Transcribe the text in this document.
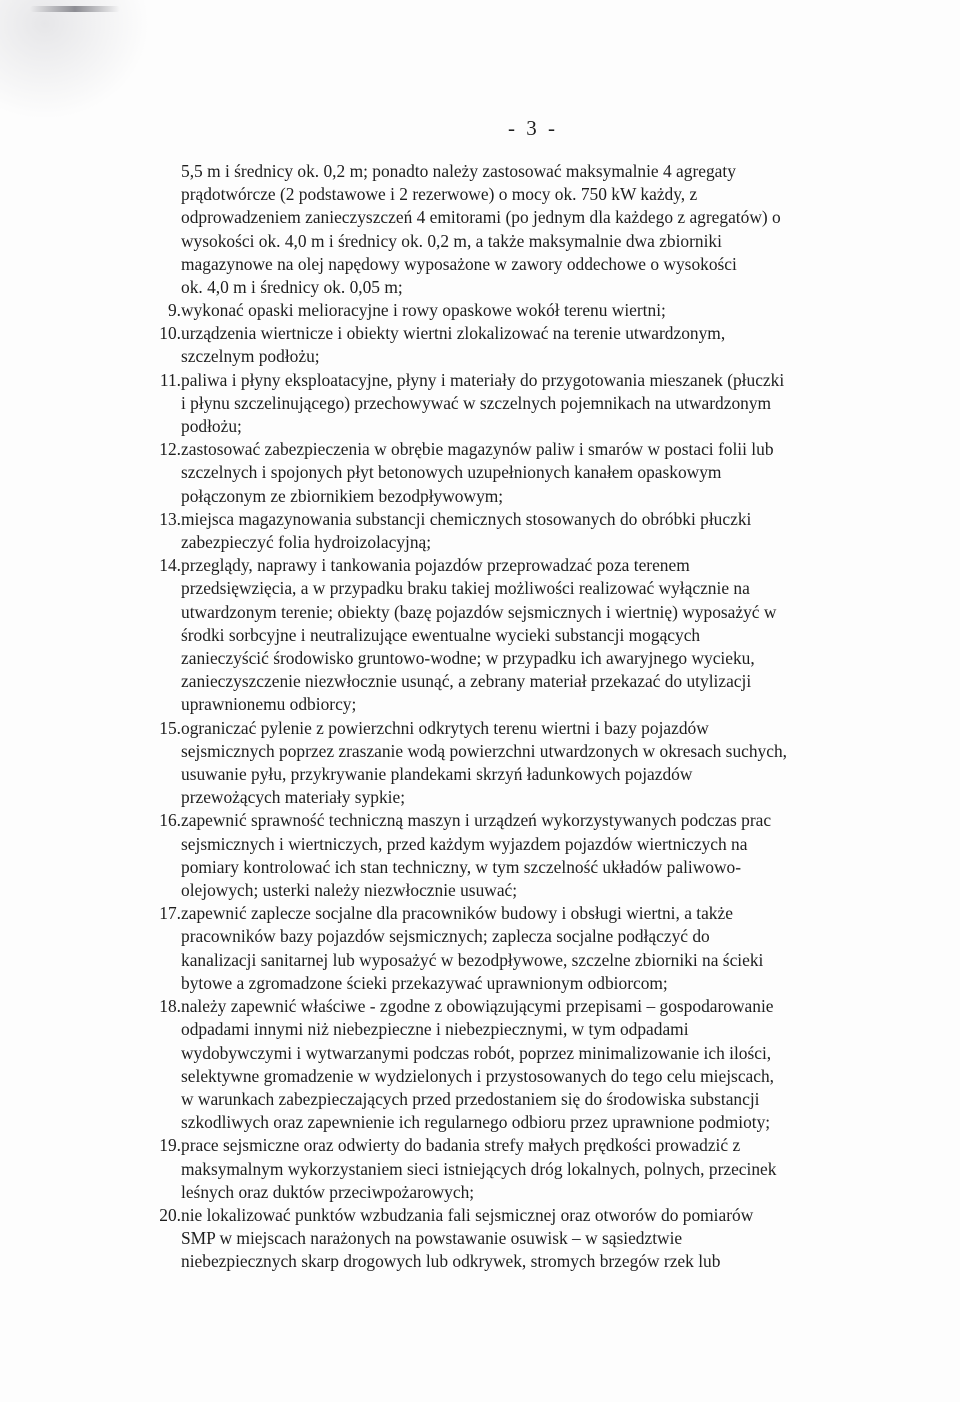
- 3 -

5,5 m i średnicy ok. 0,2 m; ponadto należy zastosować maksymalnie 4 agregaty

prądotwórcze (2 podstawowe i 2 rezerwowe) o mocy ok. 750 kW każdy, z

odprowadzeniem zanieczyszczeń 4 emitorami (po jednym dla każdego z agregatów) o

wysokości ok. 4,0 m i średnicy ok. 0,2 m, a także maksymalnie dwa zbiorniki

magazynowe na olej napędowy wyposażone w zawory oddechowe o wysokości

ok. 4,0 m i średnicy ok. 0,05 m;

9. wykonać opaski melioracyjne i rowy opaskowe wokół terenu wiertni;
10. urządzenia wiertnicze i obiekty wiertni zlokalizować na terenie utwardzonym,
szczelnym podłożu;
11. paliwa i płyny eksploatacyjne, płyny i materiały do przygotowania mieszanek (płuczki
i płynu szczelinującego) przechowywać w szczelnych pojemnikach na utwardzonym
podłożu;
12. zastosować zabezpieczenia w obrębie magazynów paliw i smarów w postaci folii lub
szczelnych i spojonych płyt betonowych uzupełnionych kanałem opaskowym
połączonym ze zbiornikiem bezodpływowym;
13. miejsca magazynowania substancji chemicznych stosowanych do obróbki płuczki
zabezpieczyć folia hydroizolacyjną;
14. przeglądy, naprawy i tankowania pojazdów przeprowadzać poza terenem
przedsięwzięcia, a w przypadku braku takiej możliwości realizować wyłącznie na
utwardzonym terenie; obiekty (bazę pojazdów sejsmicznych i wiertnię) wyposażyć w
środki sorbcyjne i neutralizujące ewentualne wycieki substancji mogących
zanieczyścić środowisko gruntowo-wodne; w przypadku ich awaryjnego wycieku,
zanieczyszczenie niezwłocznie usunąć, a zebrany materiał przekazać do utylizacji
uprawnionemu odbiorcy;
15. ograniczać pylenie z powierzchni odkrytych terenu wiertni i bazy pojazdów
sejsmicznych poprzez zraszanie wodą powierzchni utwardzonych w okresach suchych,
usuwanie pyłu, przykrywanie plandekami skrzyń ładunkowych pojazdów
przewożących materiały sypkie;
16. zapewnić sprawność techniczną maszyn i urządzeń wykorzystywanych podczas prac
sejsmicznych i wiertniczych, przed każdym wyjazdem pojazdów wiertniczych na
pomiary kontrolować ich stan techniczny, w tym szczelność układów paliwowo-
olejowych; usterki należy niezwłocznie usuwać;
17. zapewnić zaplecze socjalne dla pracowników budowy i obsługi wiertni, a także
pracowników bazy pojazdów sejsmicznych; zaplecza socjalne podłączyć do
kanalizacji sanitarnej lub wyposażyć w bezodpływowe, szczelne zbiorniki na ścieki
bytowe a zgromadzone ścieki przekazywać uprawnionym odbiorcom;
18. należy zapewnić właściwe - zgodne z obowiązującymi przepisami – gospodarowanie
odpadami innymi niż niebezpieczne i niebezpiecznymi, w tym odpadami
wydobywczymi i wytwarzanymi podczas robót, poprzez minimalizowanie ich ilości,
selektywne gromadzenie w wydzielonych i przystosowanych do tego celu miejscach,
w warunkach zabezpieczających przed przedostaniem się do środowiska substancji
szkodliwych oraz zapewnienie ich regularnego odbioru przez uprawnione podmioty;
19. prace sejsmiczne oraz odwierty do badania strefy małych prędkości prowadzić z
maksymalnym wykorzystaniem sieci istniejących dróg lokalnych, polnych, przecinek
leśnych oraz duktów przeciwpożarowych;
20. nie lokalizować punktów wzbudzania fali sejsmicznej oraz otworów do pomiarów
SMP w miejscach narażonych na powstawanie osuwisk – w sąsiedztwie
niebezpiecznych skarp drogowych lub odkrywek, stromych brzegów rzek lub
